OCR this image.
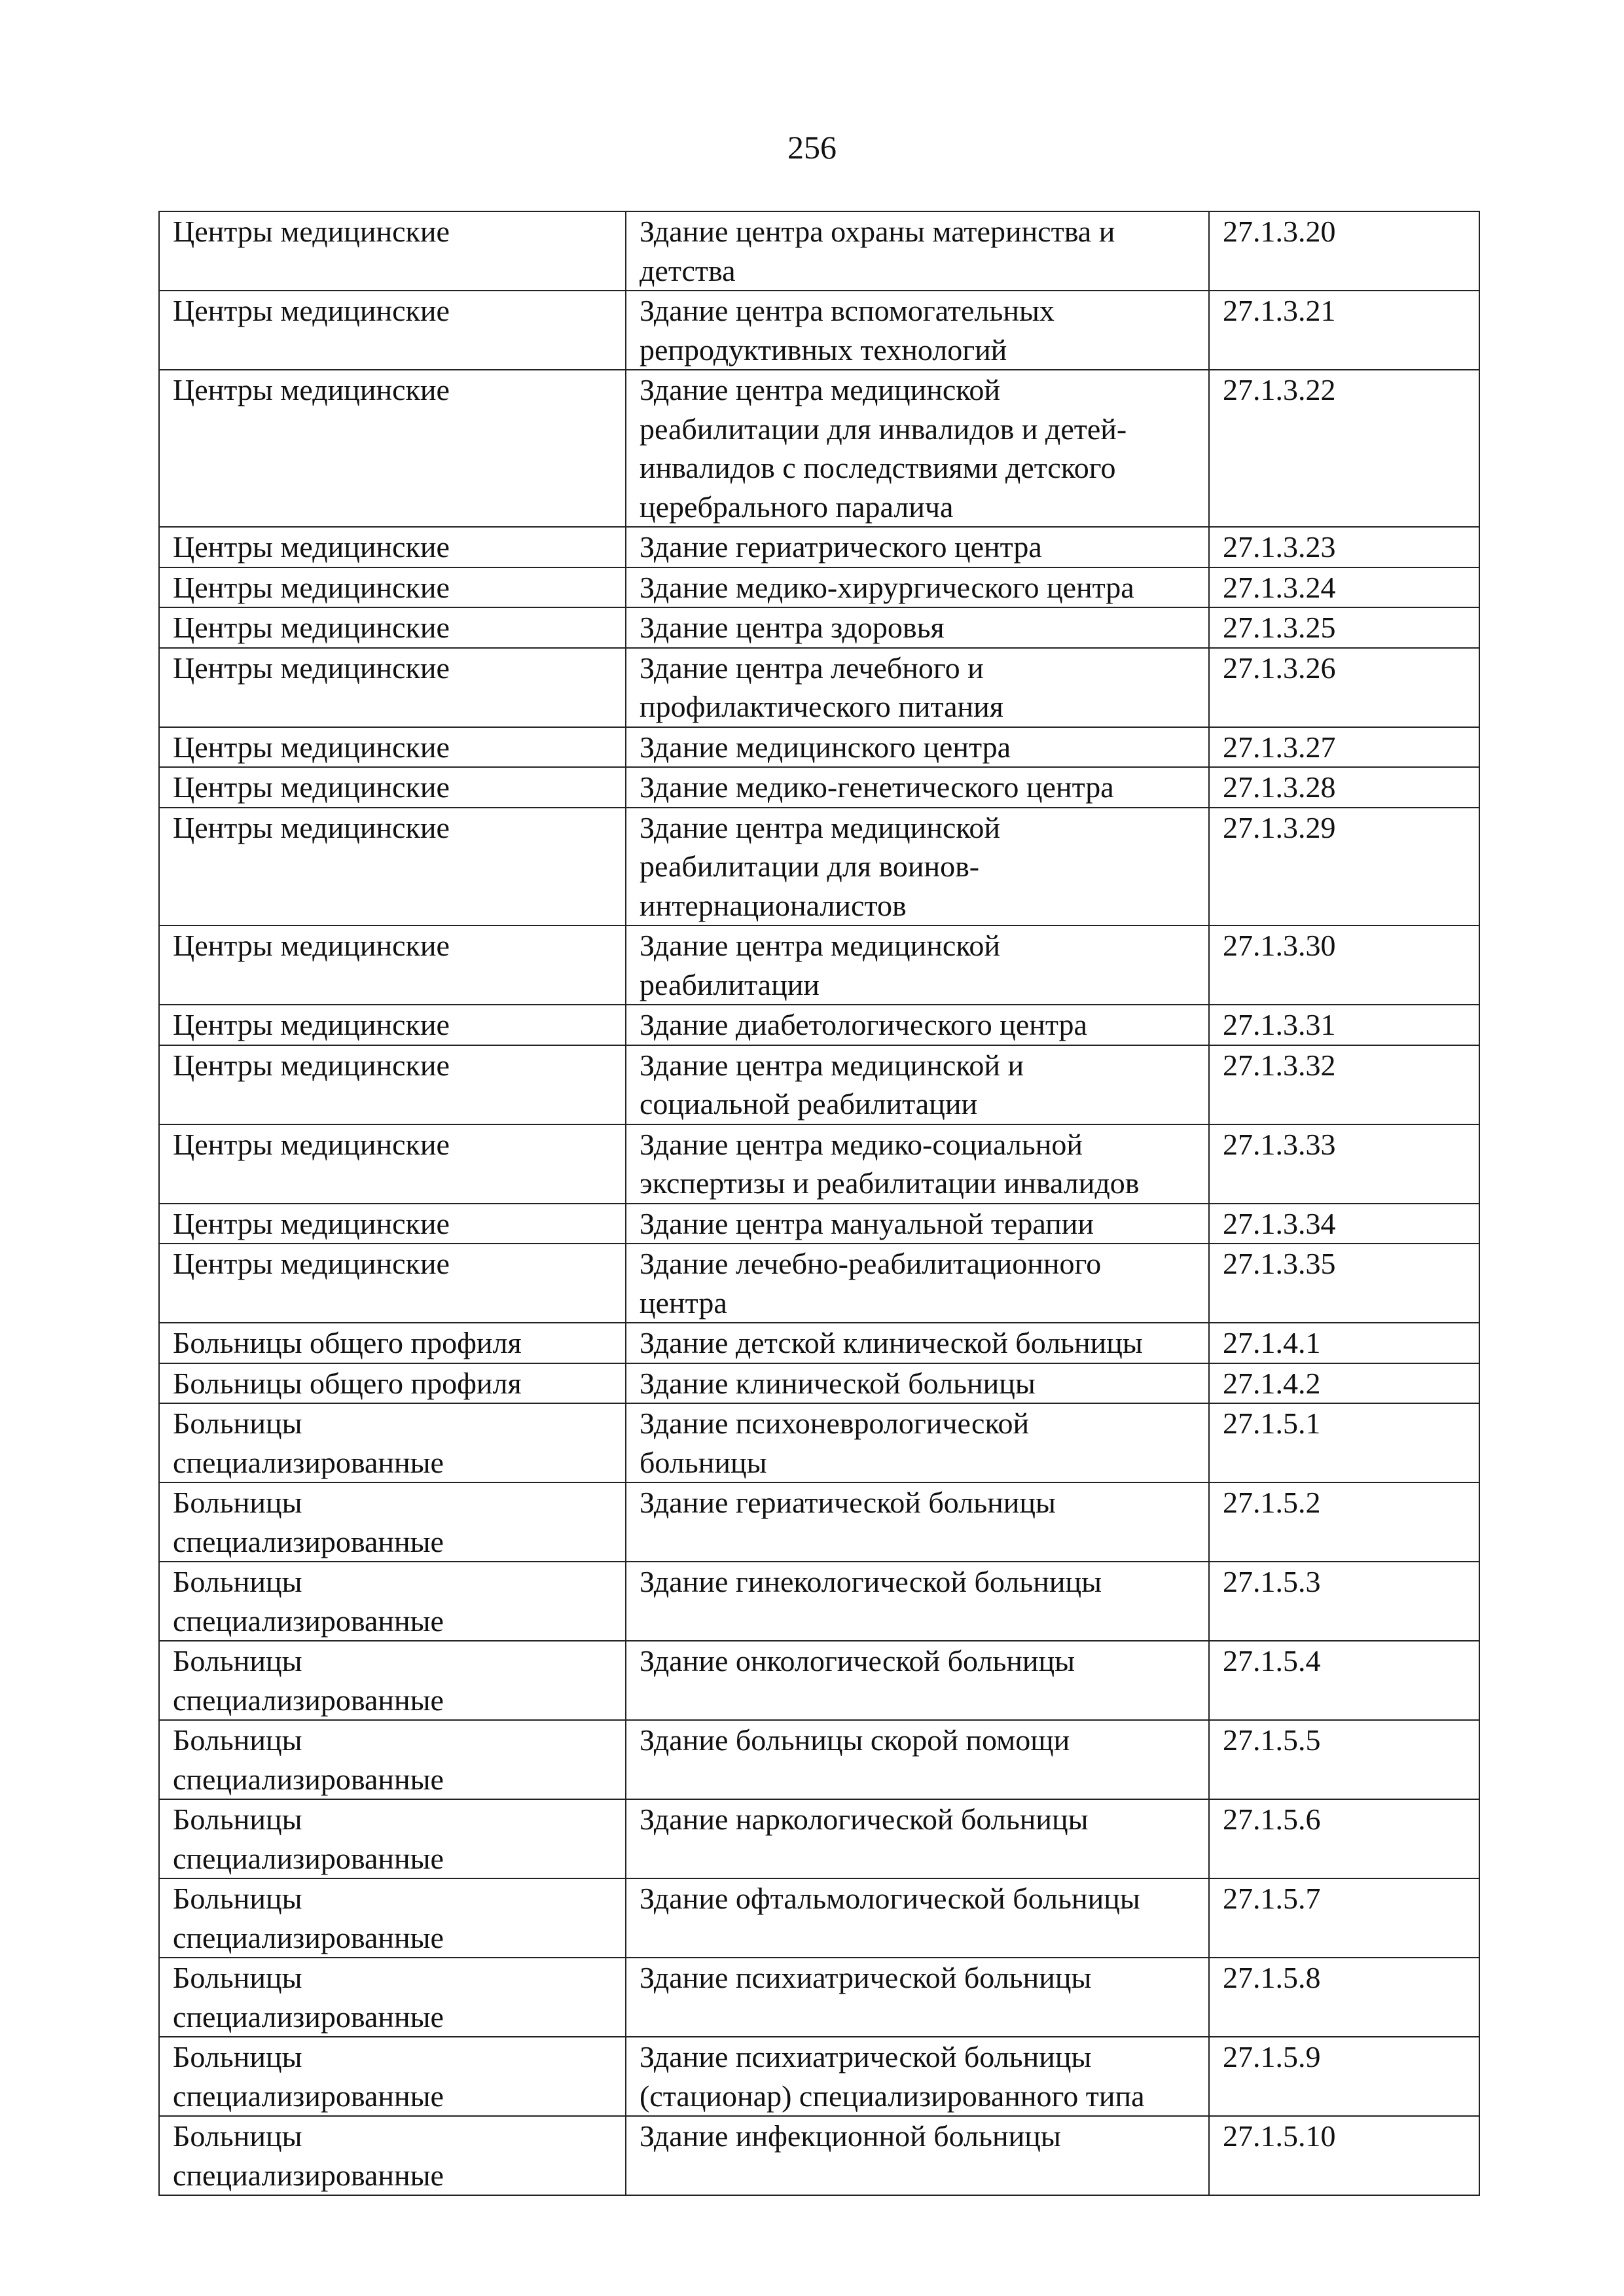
256
Центры медицинские	Здание центра охраны материнства и
детства	27.1.3.20
Центры медицинские	Здание центра вспомогательных
репродуктивных технологий	27.1.3.21
Центры медицинские	Здание центра медицинской
реабилитации для инвалидов и детей-
инвалидов с последствиями детского
церебрального паралича	27.1.3.22
Центры медицинские	Здание гериатрического центра	27.1.3.23
Центры медицинские	Здание медико-хирургического центра	27.1.3.24
Центры медицинские	Здание центра здоровья	27.1.3.25
Центры медицинские	Здание центра лечебного и
профилактического питания	27.1.3.26
Центры медицинские	Здание медицинского центра	27.1.3.27
Центры медицинские	Здание медико-генетического центра	27.1.3.28
Центры медицинские	Здание центра медицинской
реабилитации для воинов-
интернационалистов	27.1.3.29
Центры медицинские	Здание центра медицинской
реабилитации	27.1.3.30
Центры медицинские	Здание диабетологического центра	27.1.3.31
Центры медицинские	Здание центра медицинской и
социальной реабилитации	27.1.3.32
Центры медицинские	Здание центра медико-социальной
экспертизы и реабилитации инвалидов	27.1.3.33
Центры медицинские	Здание центра мануальной терапии	27.1.3.34
Центры медицинские	Здание лечебно-реабилитационного
центра	27.1.3.35
Больницы общего профиля	Здание детской клинической больницы	27.1.4.1
Больницы общего профиля	Здание клинической больницы	27.1.4.2
Больницы
специализированные	Здание психоневрологической
больницы	27.1.5.1
Больницы
специализированные	Здание гериатической больницы	27.1.5.2
Больницы
специализированные	Здание гинекологической больницы	27.1.5.3
Больницы
специализированные	Здание онкологической больницы	27.1.5.4
Больницы
специализированные	Здание больницы скорой помощи	27.1.5.5
Больницы
специализированные	Здание наркологической больницы	27.1.5.6
Больницы
специализированные	Здание офтальмологической больницы	27.1.5.7
Больницы
специализированные	Здание психиатрической больницы	27.1.5.8
Больницы
специализированные	Здание психиатрической больницы
(стационар) специализированного типа	27.1.5.9
Больницы
специализированные	Здание инфекционной больницы	27.1.5.10
